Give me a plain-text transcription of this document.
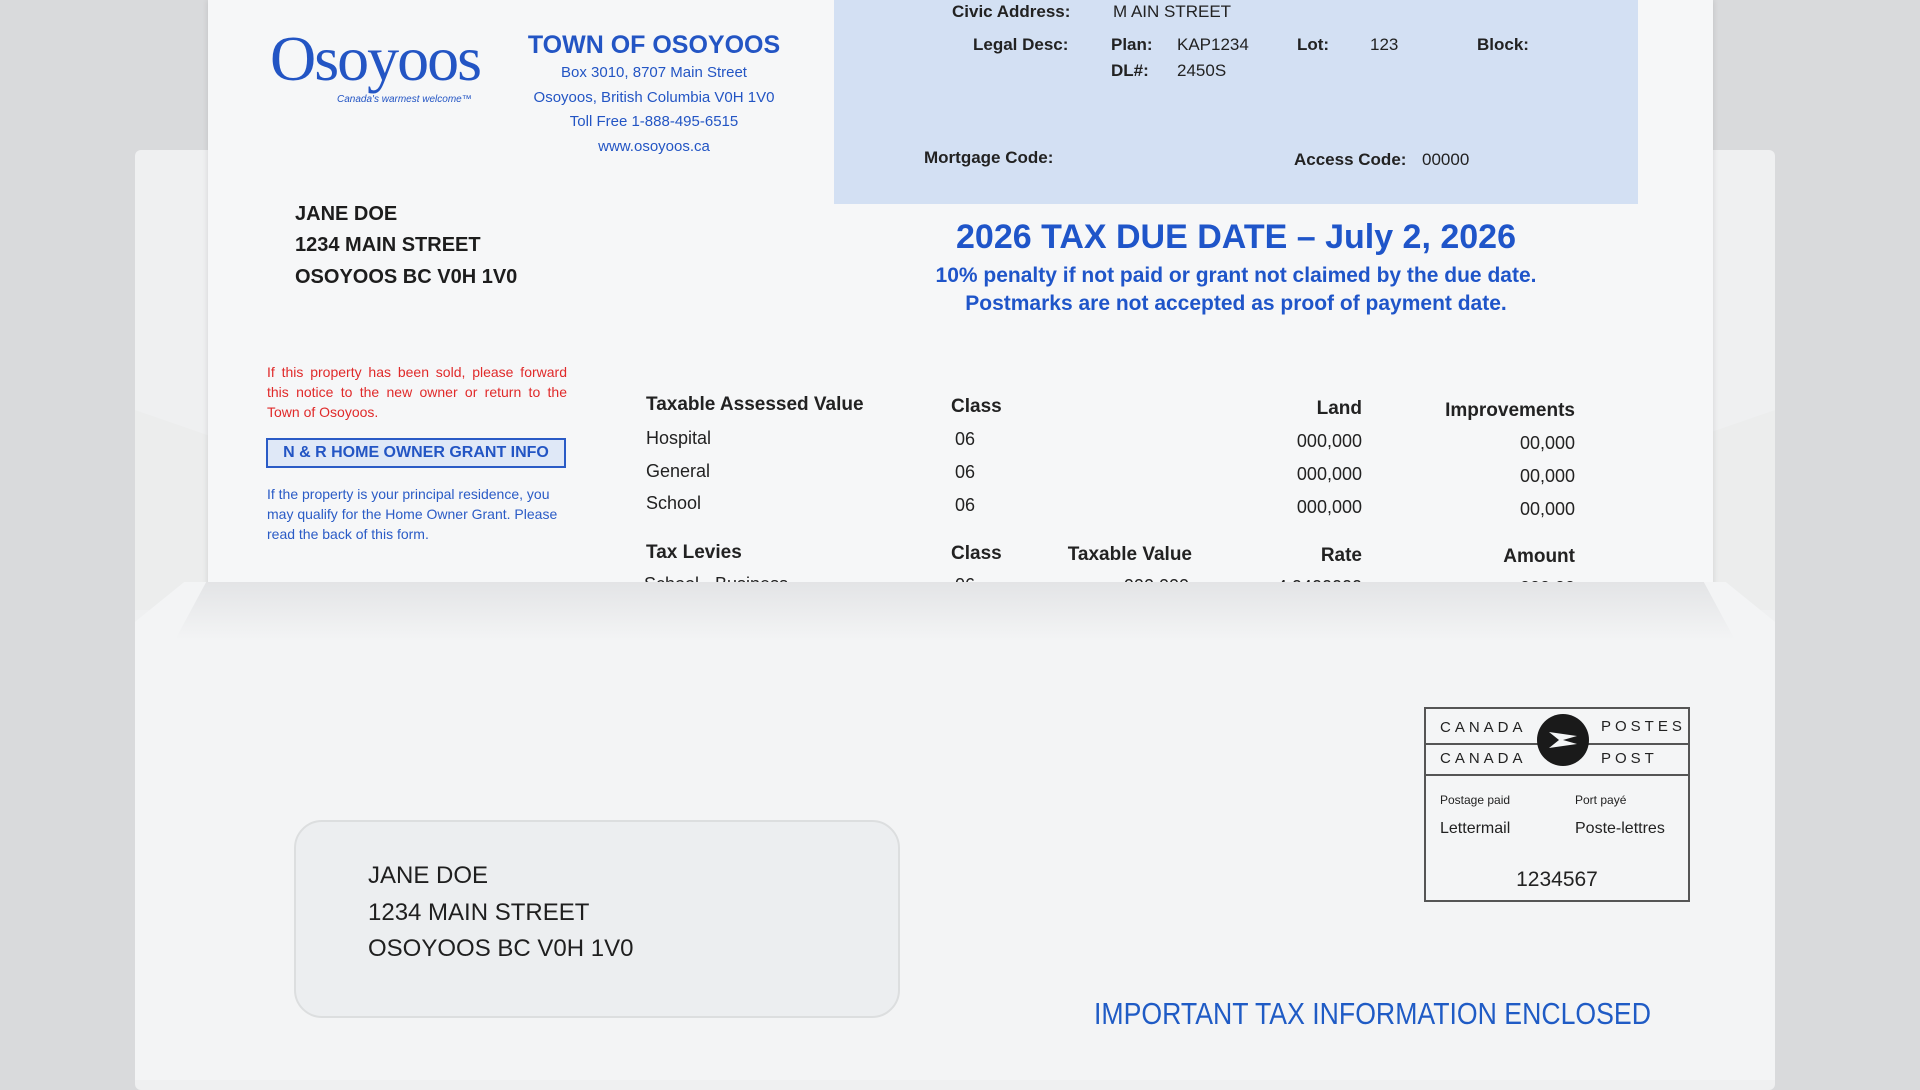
Osoyoos
Canada's warmest welcome™
TOWN OF OSOYOOS
Box 3010, 8707 Main Street
Osoyoos, British Columbia V0H 1V0
Toll Free 1-888-495-6515
www.osoyoos.ca
Civic Address:	M AIN STREET
Legal Desc:	Plan: KAP1234	Lot: 123	Block:
DL#: 2450S
Mortgage Code:	Access Code: 00000
JANE DOE
1234 MAIN STREET
OSOYOOS BC V0H 1V0
2026 TAX DUE DATE – July 2, 2026
10% penalty if not paid or grant not claimed by the due date.
Postmarks are not accepted as proof of payment date.
If this property has been sold, please forward this notice to the new owner or return to the Town of Osoyoos.
N & R HOME OWNER GRANT INFO
If the property is your principal residence, you may qualify for the Home Owner Grant. Please read the back of this form.
Taxable Assessed Value	Class	Land	Improvements
Hospital	06	000,000	00,000
General	06	000,000	00,000
School	06	000,000	00,000
Tax Levies	Class	Taxable Value	Rate	Amount
JANE DOE
1234 MAIN STREET
OSOYOOS BC V0H 1V0
CANADA	POSTES
CANADA	POST
Postage paid	Port payé
Lettermail	Poste-lettres
1234567
IMPORTANT TAX INFORMATION ENCLOSED
